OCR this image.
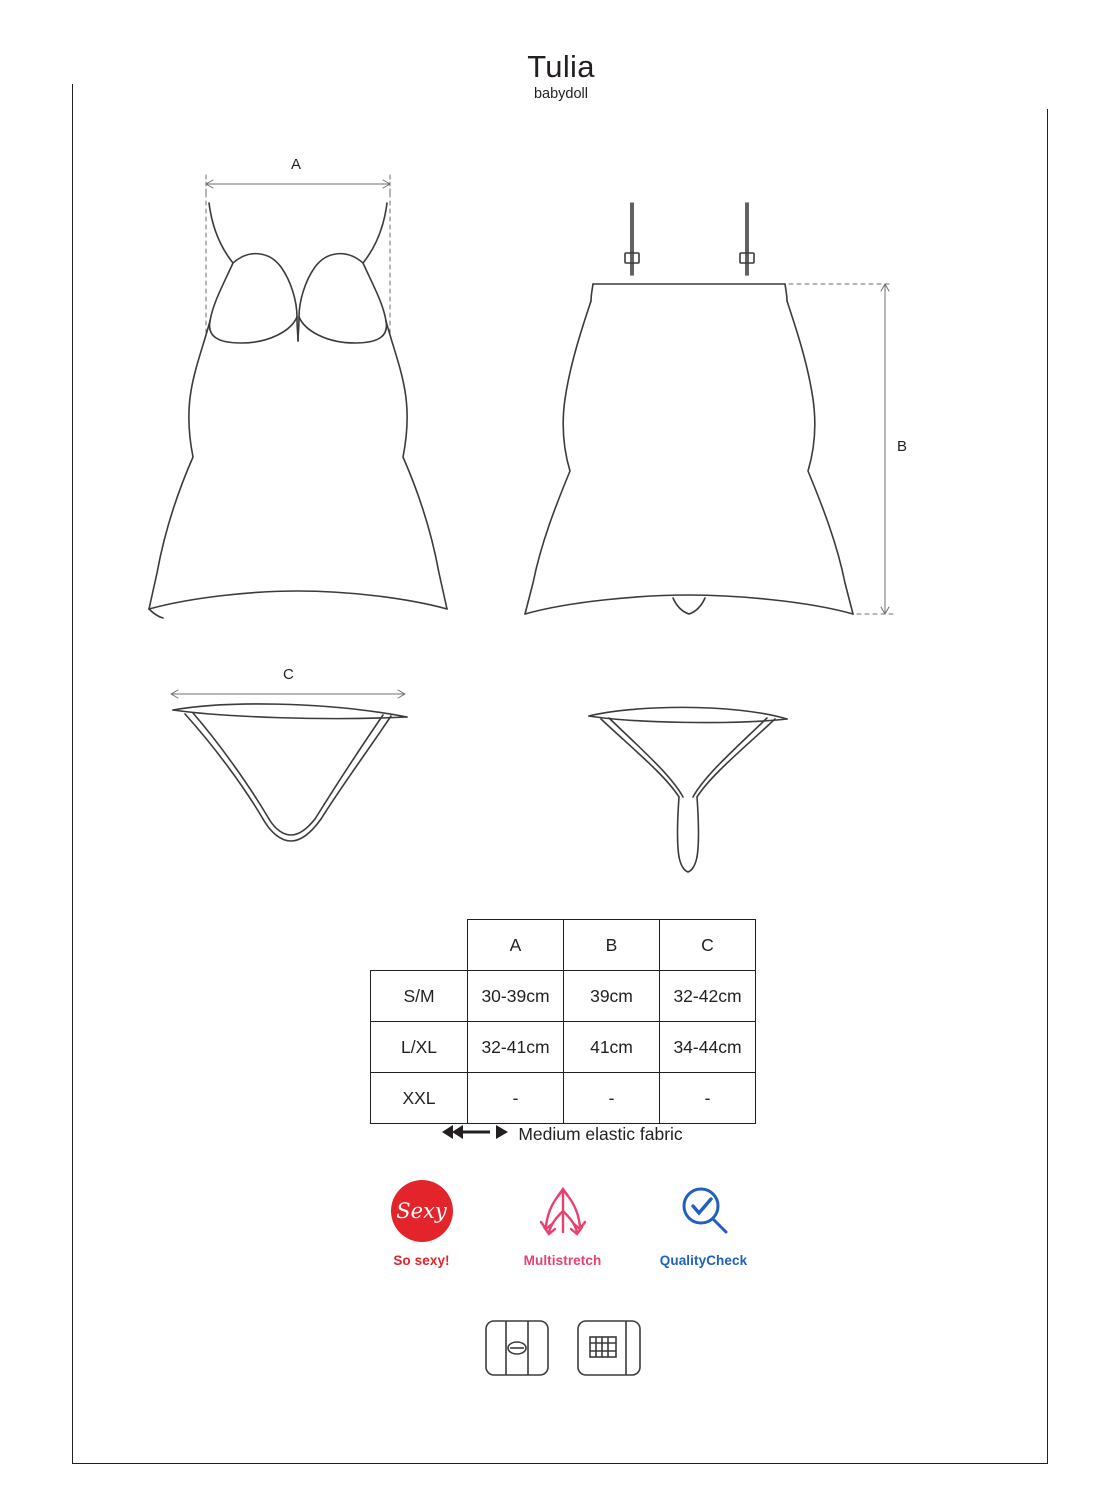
Tulia
babydoll
A
B
C
	A	B	C
S/M	30-39cm	39cm	32-42cm
L/XL	32-41cm	41cm	34-44cm
XXL	-	-	-
Medium elastic fabric
Sexy
So sexy!	Multistretch	QualityCheck
